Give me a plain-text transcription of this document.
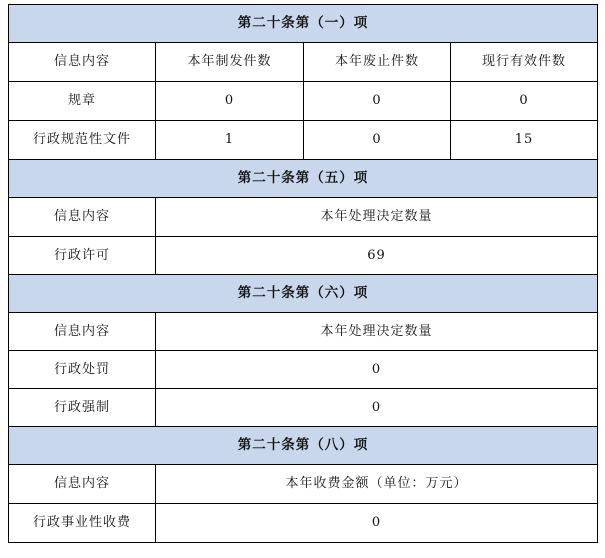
第二十条第（一）项			
信息内容	本年制发件数	本年废止件数	现行有效件数
规章	0	0	0
行政规范性文件	1	0	15
第二十条第（五）项			
信息内容	本年处理决定数量		
行政许可	69		
第二十条第（六）项			
信息内容	本年处理决定数量		
行政处罚	0		
行政强制	0		
第二十条第（八）项			
信息内容	本年收费金额（单位：万元）		
行政事业性收费	0		
